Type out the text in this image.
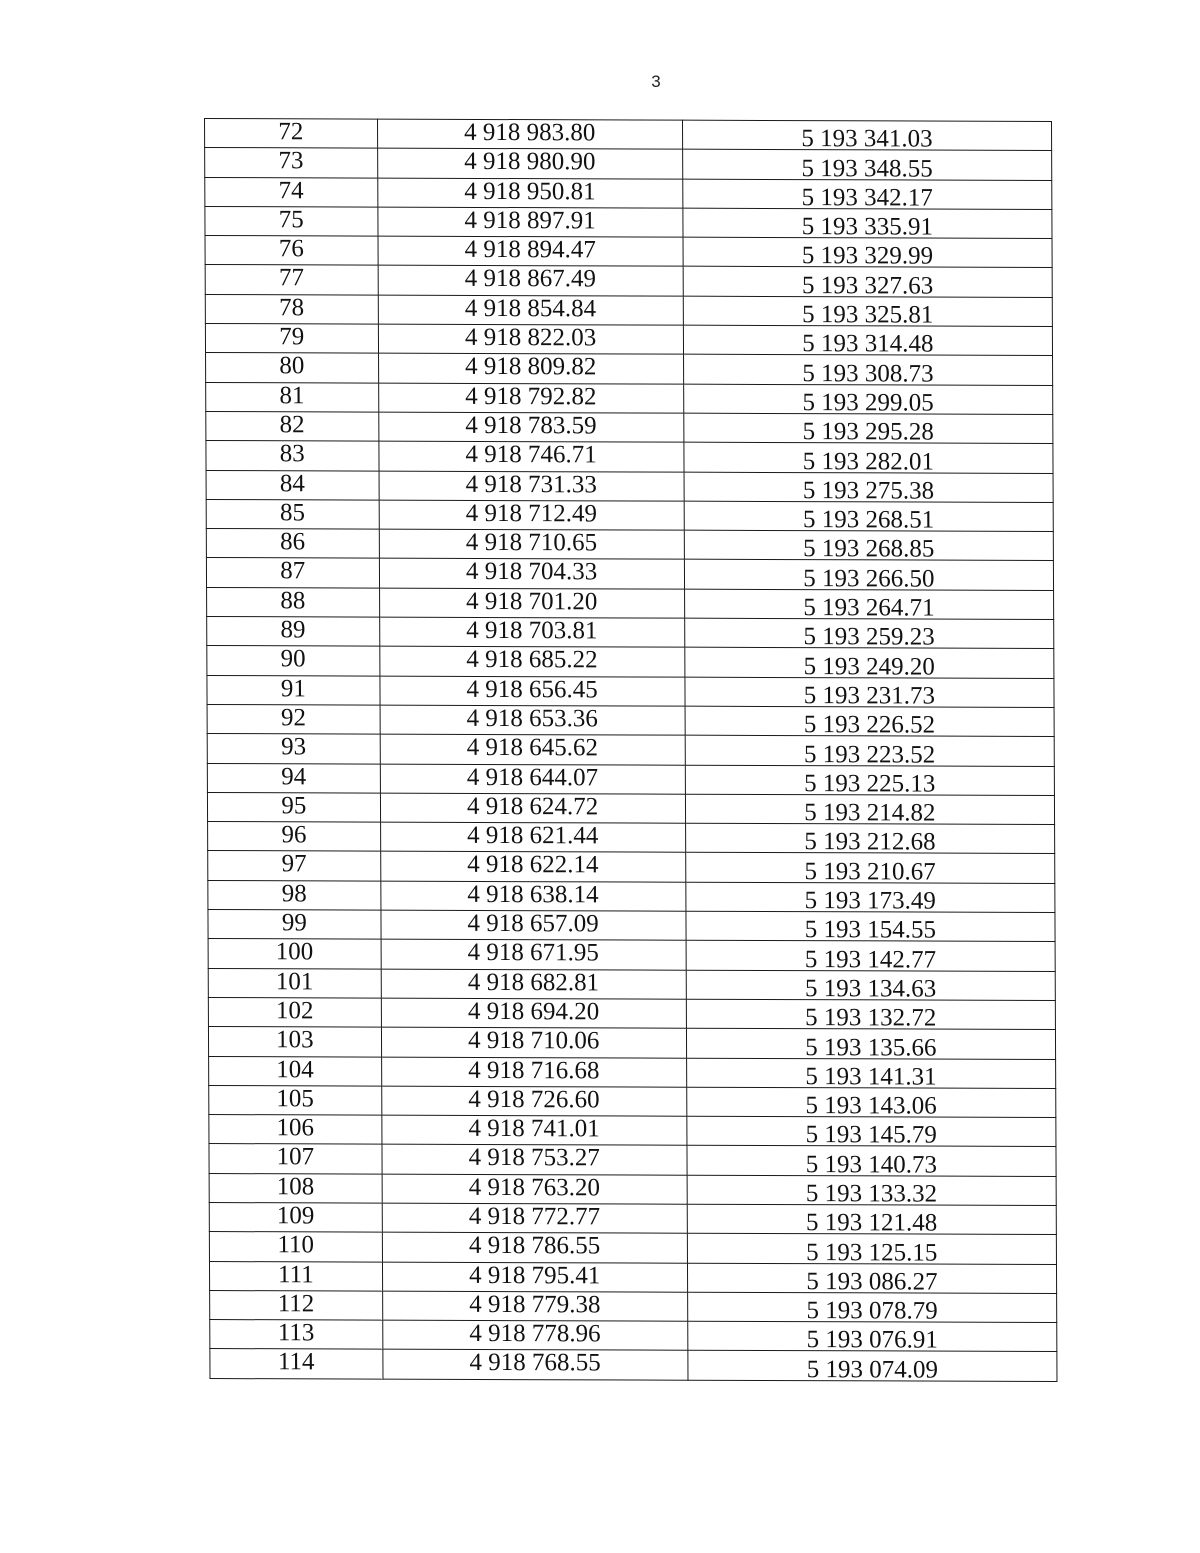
3
72	4 918 983.80	5 193 341.03
73	4 918 980.90	5 193 348.55
74	4 918 950.81	5 193 342.17
75	4 918 897.91	5 193 335.91
76	4 918 894.47	5 193 329.99
77	4 918 867.49	5 193 327.63
78	4 918 854.84	5 193 325.81
79	4 918 822.03	5 193 314.48
80	4 918 809.82	5 193 308.73
81	4 918 792.82	5 193 299.05
82	4 918 783.59	5 193 295.28
83	4 918 746.71	5 193 282.01
84	4 918 731.33	5 193 275.38
85	4 918 712.49	5 193 268.51
86	4 918 710.65	5 193 268.85
87	4 918 704.33	5 193 266.50
88	4 918 701.20	5 193 264.71
89	4 918 703.81	5 193 259.23
90	4 918 685.22	5 193 249.20
91	4 918 656.45	5 193 231.73
92	4 918 653.36	5 193 226.52
93	4 918 645.62	5 193 223.52
94	4 918 644.07	5 193 225.13
95	4 918 624.72	5 193 214.82
96	4 918 621.44	5 193 212.68
97	4 918 622.14	5 193 210.67
98	4 918 638.14	5 193 173.49
99	4 918 657.09	5 193 154.55
100	4 918 671.95	5 193 142.77
101	4 918 682.81	5 193 134.63
102	4 918 694.20	5 193 132.72
103	4 918 710.06	5 193 135.66
104	4 918 716.68	5 193 141.31
105	4 918 726.60	5 193 143.06
106	4 918 741.01	5 193 145.79
107	4 918 753.27	5 193 140.73
108	4 918 763.20	5 193 133.32
109	4 918 772.77	5 193 121.48
110	4 918 786.55	5 193 125.15
111	4 918 795.41	5 193 086.27
112	4 918 779.38	5 193 078.79
113	4 918 778.96	5 193 076.91
114	4 918 768.55	5 193 074.09
